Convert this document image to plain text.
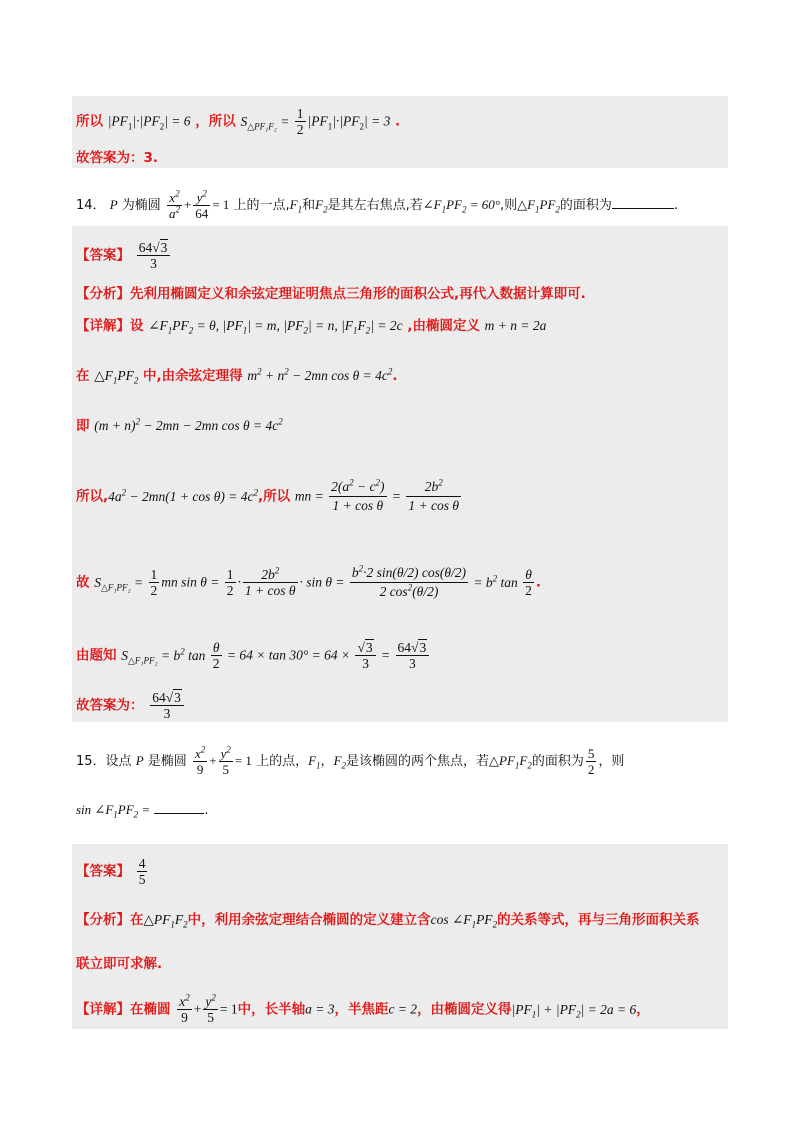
所以 $|PF_1|\cdot|PF_2| = 6$ ，所以 $S_{\triangle PF_1F_2} = \frac{1}{2} |PF_1|\cdot|PF_2| = 3$ .
故答案为：3.
14． P 为椭圆 $\frac{x^2}{a^2} + \frac{y^2}{64} = 1$ 上的一点$,F_1$和$F_2$是其左右焦点,若$\angle F_1PF_2 = 60^\circ$,则$\triangle F_1PF_2$的面积为	.
【答案】 $\frac{64√3}{3}$
【分析】先利用椭圆定义和余弦定理证明焦点三角形的面积公式,再代入数据计算即可.
【详解】设 $\angle F_1PF_2 = \theta$, $|PF_1| = m$, $|PF_2| = n$, $|F_1F_2| = 2c$ ,由椭圆定义 m + n = 2a
在 $\triangle F_1PF_2$ 中,由余弦定理得 $m^2 + n^2 - 2mn$ $\cos \theta = 4c^2$.
即 $(m + n)^2 - 2mn - 2mn$ $\cos \theta = 4c^2$
所以$,4a^2 - 2mn(1 + \cos \theta) = 4c^2$,所以 mn = $\frac{2(a^2 - c^2)}{\text{1 + cos θ}} = \frac{2b^2}{\text{1 + cos θ}}$
故 $S_{\triangle F_1PF_2} = \frac{1}{2}$ mn $\sin \theta = \frac{1}{2} \cdot \frac{2b^2}{\text{1 + cos θ}} \cdot \sin \theta = \frac{b^2\cdot 2 \sin(\theta/2) \cos(\theta/2)}{2 \cos^2(\theta/2)} = b^2$ $\tan \frac{\theta}{2}$ .
由题知 $S_{\triangle F_1PF_2} = b^2$ $\tan \frac{\theta}{2} = 64 \times \tan 30^\circ = 64 \times \frac{√3}{3} = \frac{64√3}{3}$
故答案为： $\frac{64√3}{3}$
15．设点 P 是椭圆 $\frac{x^2}{9} + \frac{y^2}{5} = 1$ 上的点，$F_1$，$F_2$是该椭圆的两个焦点，若$\triangle PF_1F_2$的面积为 $\frac{5}{2}$ ，则
$\sin \angle F_1PF_2$ =	.
【答案】 $\frac{4}{5}$
【分析】在$\triangle PF_1F_2$中，利用余弦定理结合椭圆的定义建立含$\cos \angle F_1PF_2$的关系等式，再与三角形面积关系
联立即可求解.
【详解】在椭圆 $\frac{x^2}{9} + \frac{y^2}{5} = 1$中，长半轴a = 3，半焦距c = 2，由椭圆定义得$|PF_1| + |PF_2| = 2a = 6$，
